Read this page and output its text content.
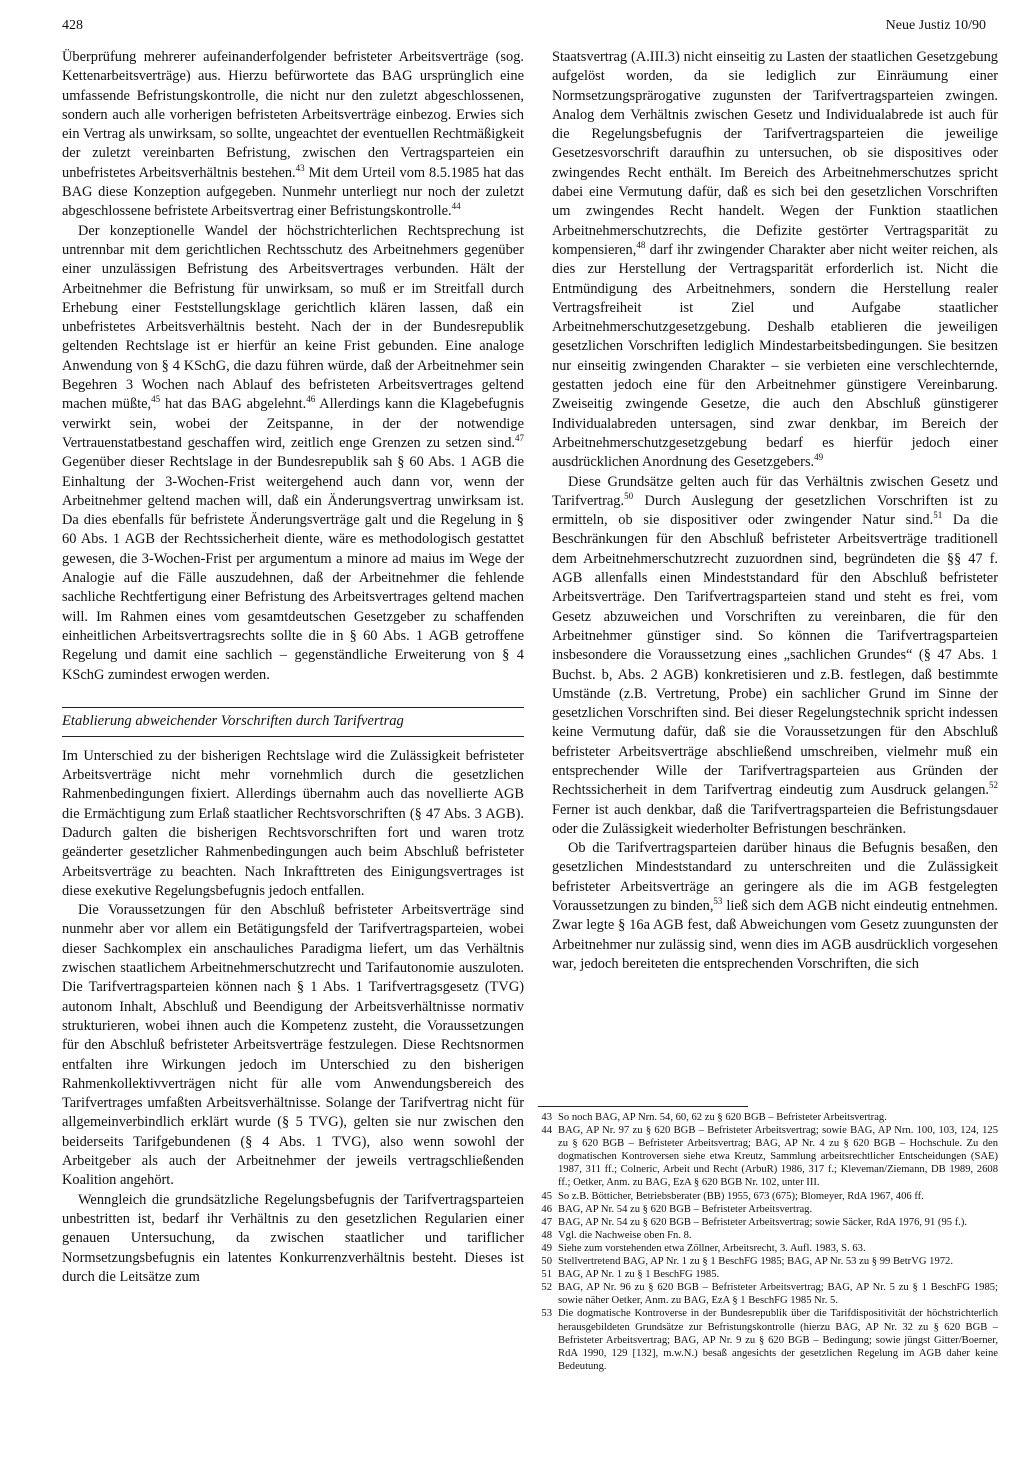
428	Neue Justiz 10/90

Überprüfung mehrerer aufeinanderfolgender befristeter Arbeitsverträge (sog. Kettenarbeitsverträge) aus. Hierzu befürwortete das BAG ursprünglich eine umfassende Befristungskontrolle, die nicht nur den zuletzt abgeschlossenen, sondern auch alle vorherigen befristeten Arbeitsverträge einbezog. Erwies sich ein Vertrag als unwirksam, so sollte, ungeachtet der eventuellen Rechtmäßigkeit der zuletzt vereinbarten Befristung, zwischen den Vertragsparteien ein unbefristetes Arbeitsverhältnis bestehen.$^{43}$ Mit dem Urteil vom 8.5.1985 hat das BAG diese Konzeption aufgegeben. Nunmehr unterliegt nur noch der zuletzt abgeschlossene befristete Arbeitsvertrag einer Befristungskontrolle.$^{44}$

Der konzeptionelle Wandel der höchstrichterlichen Rechtsprechung ist untrennbar mit dem gerichtlichen Rechtsschutz des Arbeitnehmers gegenüber einer unzulässigen Befristung des Arbeitsvertrages verbunden. Hält der Arbeitnehmer die Befristung für unwirksam, so muß er im Streitfall durch Erhebung einer Feststellungsklage gerichtlich klären lassen, daß ein unbefristetes Arbeitsverhältnis besteht. Nach der in der Bundesrepublik geltenden Rechtslage ist er hierfür an keine Frist gebunden. Eine analoge Anwendung von § 4 KSchG, die dazu führen würde, daß der Arbeitnehmer sein Begehren 3 Wochen nach Ablauf des befristeten Arbeitsvertrages geltend machen müßte,$^{45}$ hat das BAG abgelehnt.$^{46}$ Allerdings kann die Klagebefugnis verwirkt sein, wobei der Zeitspanne, in der der notwendige Vertrauenstatbestand geschaffen wird, zeitlich enge Grenzen zu setzen sind.$^{47}$ Gegenüber dieser Rechtslage in der Bundesrepublik sah § 60 Abs. 1 AGB die Einhaltung der 3-Wochen-Frist weitergehend auch dann vor, wenn der Arbeitnehmer geltend machen will, daß ein Änderungsvertrag unwirksam ist. Da dies ebenfalls für befristete Änderungsverträge galt und die Regelung in § 60 Abs. 1 AGB der Rechtssicherheit diente, wäre es methodologisch gestattet gewesen, die 3-Wochen-Frist per argumentum a minore ad maius im Wege der Analogie auf die Fälle auszudehnen, daß der Arbeitnehmer die fehlende sachliche Rechtfertigung einer Befristung des Arbeitsvertrages geltend machen will. Im Rahmen eines vom gesamtdeutschen Gesetzgeber zu schaffenden einheitlichen Arbeitsvertragsrechts sollte die in § 60 Abs. 1 AGB getroffene Regelung und damit eine sachlich – gegenständliche Erweiterung von § 4 KSchG zumindest erwogen werden.

Etablierung abweichender Vorschriften durch Tarifvertrag

Im Unterschied zu der bisherigen Rechtslage wird die Zulässigkeit befristeter Arbeitsverträge nicht mehr vornehmlich durch die gesetzlichen Rahmenbedingungen fixiert. Allerdings übernahm auch das novellierte AGB die Ermächtigung zum Erlaß staatlicher Rechtsvorschriften (§ 47 Abs. 3 AGB). Dadurch galten die bisherigen Rechtsvorschriften fort und waren trotz geänderter gesetzlicher Rahmenbedingungen auch beim Abschluß befristeter Arbeitsverträge zu beachten. Nach Inkrafttreten des Einigungsvertrages ist diese exekutive Regelungsbefugnis jedoch entfallen.

Die Voraussetzungen für den Abschluß befristeter Arbeitsverträge sind nunmehr aber vor allem ein Betätigungsfeld der Tarifvertragsparteien, wobei dieser Sachkomplex ein anschauliches Paradigma liefert, um das Verhältnis zwischen staatlichem Arbeitnehmerschutzrecht und Tarifautonomie auszuloten. Die Tarifvertragsparteien können nach § 1 Abs. 1 Tarifvertragsgesetz (TVG) autonom Inhalt, Abschluß und Beendigung der Arbeitsverhältnisse normativ strukturieren, wobei ihnen auch die Kompetenz zusteht, die Voraussetzungen für den Abschluß befristeter Arbeitsverträge festzulegen. Diese Rechtsnormen entfalten ihre Wirkungen jedoch im Unterschied zu den bisherigen Rahmenkollektivverträgen nicht für alle vom Anwendungsbereich des Tarifvertrages umfaßten Arbeitsverhältnisse. Solange der Tarifvertrag nicht für allgemeinverbindlich erklärt wurde (§ 5 TVG), gelten sie nur zwischen den beiderseits Tarifgebundenen (§ 4 Abs. 1 TVG), also wenn sowohl der Arbeitgeber als auch der Arbeitnehmer der jeweils vertragschließenden Koalition angehört.

Wenngleich die grundsätzliche Regelungsbefugnis der Tarifvertragsparteien unbestritten ist, bedarf ihr Verhältnis zu den gesetzlichen Regularien einer genauen Untersuchung, da zwischen staatlicher und tariflicher Normsetzungsbefugnis ein latentes Konkurrenzverhältnis besteht. Dieses ist durch die Leitsätze zum

Staatsvertrag (A.III.3) nicht einseitig zu Lasten der staatlichen Gesetzgebung aufgelöst worden, da sie lediglich zur Einräumung einer Normsetzungsprärogative zugunsten der Tarifvertragsparteien zwingen. Analog dem Verhältnis zwischen Gesetz und Individualabrede ist auch für die Regelungsbefugnis der Tarifvertragsparteien die jeweilige Gesetzesvorschrift daraufhin zu untersuchen, ob sie dispositives oder zwingendes Recht enthält. Im Bereich des Arbeitnehmerschutzes spricht dabei eine Vermutung dafür, daß es sich bei den gesetzlichen Vorschriften um zwingendes Recht handelt. Wegen der Funktion staatlichen Arbeitnehmerschutzrechts, die Defizite gestörter Vertragsparität zu kompensieren,$^{48}$ darf ihr zwingender Charakter aber nicht weiter reichen, als dies zur Herstellung der Vertragsparität erforderlich ist. Nicht die Entmündigung des Arbeitnehmers, sondern die Herstellung realer Vertragsfreiheit ist Ziel und Aufgabe staatlicher Arbeitnehmerschutzgesetzgebung. Deshalb etablieren die jeweiligen gesetzlichen Vorschriften lediglich Mindestarbeitsbedingungen. Sie besitzen nur einseitig zwingenden Charakter – sie verbieten eine verschlechternde, gestatten jedoch eine für den Arbeitnehmer günstigere Vereinbarung. Zweiseitig zwingende Gesetze, die auch den Abschluß günstigerer Individualabreden untersagen, sind zwar denkbar, im Bereich der Arbeitnehmerschutzgesetzgebung bedarf es hierfür jedoch einer ausdrücklichen Anordnung des Gesetzgebers.$^{49}$

Diese Grundsätze gelten auch für das Verhältnis zwischen Gesetz und Tarifvertrag.$^{50}$ Durch Auslegung der gesetzlichen Vorschriften ist zu ermitteln, ob sie dispositiver oder zwingender Natur sind.$^{51}$ Da die Beschränkungen für den Abschluß befristeter Arbeitsverträge traditionell dem Arbeitnehmerschutzrecht zuzuordnen sind, begründeten die §§ 47 f. AGB allenfalls einen Mindeststandard für den Abschluß befristeter Arbeitsverträge. Den Tarifvertragsparteien stand und steht es frei, vom Gesetz abzuweichen und Vorschriften zu vereinbaren, die für den Arbeitnehmer günstiger sind. So können die Tarifvertragsparteien insbesondere die Voraussetzung eines „sachlichen Grundes“ (§ 47 Abs. 1 Buchst. b, Abs. 2 AGB) konkretisieren und z.B. festlegen, daß bestimmte Umstände (z.B. Vertretung, Probe) ein sachlicher Grund im Sinne der gesetzlichen Vorschriften sind. Bei dieser Regelungstechnik spricht indessen keine Vermutung dafür, daß sie die Voraussetzungen für den Abschluß befristeter Arbeitsverträge abschließend umschreiben, vielmehr muß ein entsprechender Wille der Tarifvertragsparteien aus Gründen der Rechtssicherheit in dem Tarifvertrag eindeutig zum Ausdruck gelangen.$^{52}$ Ferner ist auch denkbar, daß die Tarifvertragsparteien die Befristungsdauer oder die Zulässigkeit wiederholter Befristungen beschränken.

Ob die Tarifvertragsparteien darüber hinaus die Befugnis besaßen, den gesetzlichen Mindeststandard zu unterschreiten und die Zulässigkeit befristeter Arbeitsverträge an geringere als die im AGB festgelegten Voraussetzungen zu binden,$^{53}$ ließ sich dem AGB nicht eindeutig entnehmen. Zwar legte § 16a AGB fest, daß Abweichungen vom Gesetz zuungunsten der Arbeitnehmer nur zulässig sind, wenn dies im AGB ausdrücklich vorgesehen war, jedoch bereiteten die entsprechenden Vorschriften, die sich

43 So noch BAG, AP Nrn. 54, 60, 62 zu § 620 BGB – Befristeter Arbeitsvertrag.
44 BAG, AP Nr. 97 zu § 620 BGB – Befristeter Arbeitsvertrag; sowie BAG, AP Nrn. 100, 103, 124, 125 zu § 620 BGB – Befristeter Arbeitsvertrag; BAG, AP Nr. 4 zu § 620 BGB – Hochschule. Zu den dogmatischen Kontroversen siehe etwa Kreutz, Sammlung arbeitsrechtlicher Entscheidungen (SAE) 1987, 311 ff.; Colneric, Arbeit und Recht (ArbuR) 1986, 317 f.; Kleveman/Ziemann, DB 1989, 2608 ff.; Oetker, Anm. zu BAG, EzA § 620 BGB Nr. 102, unter III.
45 So z.B. Bötticher, Betriebsberater (BB) 1955, 673 (675); Blomeyer, RdA 1967, 406 ff.
46 BAG, AP Nr. 54 zu § 620 BGB – Befristeter Arbeitsvertrag.
47 BAG, AP Nr. 54 zu § 620 BGB – Befristeter Arbeitsvertrag; sowie Säcker, RdA 1976, 91 (95 f.).
48 Vgl. die Nachweise oben Fn. 8.
49 Siehe zum vorstehenden etwa Zöllner, Arbeitsrecht, 3. Aufl. 1983, S. 63.
50 Stellvertretend BAG, AP Nr. 1 zu § 1 BeschFG 1985; BAG, AP Nr. 53 zu § 99 BetrVG 1972.
51 BAG, AP Nr. 1 zu § 1 BeschFG 1985.
52 BAG, AP Nr. 96 zu § 620 BGB – Befristeter Arbeitsvertrag; BAG, AP Nr. 5 zu § 1 BeschFG 1985; sowie näher Oetker, Anm. zu BAG, EzA § 1 BeschFG 1985 Nr. 5.
53 Die dogmatische Kontroverse in der Bundesrepublik über die Tarifdispositivität der höchstrichterlich herausgebildeten Grundsätze zur Befristungskontrolle (hierzu BAG, AP Nr. 32 zu § 620 BGB – Befristeter Arbeitsvertrag; BAG, AP Nr. 9 zu § 620 BGB – Bedingung; sowie jüngst Gitter/Boerner, RdA 1990, 129 [132], m.w.N.) besaß angesichts der gesetzlichen Regelung im AGB daher keine Bedeutung.
